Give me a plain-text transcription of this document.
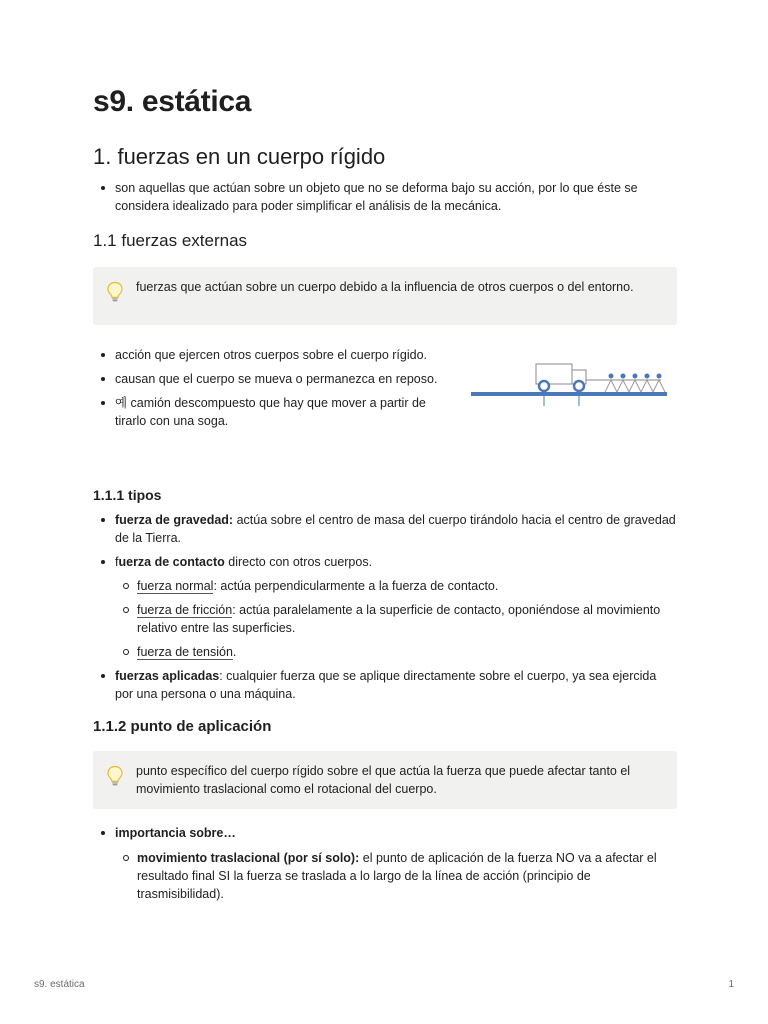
s9. estática
1. fuerzas en un cuerpo rígido
son aquellas que actúan sobre un objeto que no se deforma bajo su acción, por lo que éste se considera idealizado para poder simplificar el análisis de la mecánica.
1.1 fuerzas externas
fuerzas que actúan sobre un cuerpo debido a la influencia de otros cuerpos o del entorno.
acción que ejercen otros cuerpos sobre el cuerpo rígido.
causan que el cuerpo se mueva o permanezca en reposo.
예 camión descompuesto que hay que mover a partir de tirarlo con una soga.
1.1.1 tipos
fuerza de gravedad: actúa sobre el centro de masa del cuerpo tirándolo hacia el centro de gravedad de la Tierra.
fuerza de contacto directo con otros cuerpos.
fuerza normal: actúa perpendicularmente a la fuerza de contacto.
fuerza de fricción: actúa paralelamente a la superficie de contacto, oponiéndose al movimiento relativo entre las superficies.
fuerza de tensión.
fuerzas aplicadas: cualquier fuerza que se aplique directamente sobre el cuerpo, ya sea ejercida por una persona o una máquina.
1.1.2 punto de aplicación
punto específico del cuerpo rígido sobre el que actúa la fuerza que puede afectar tanto el movimiento traslacional como el rotacional del cuerpo.
importancia sobre…
movimiento traslacional (por sí solo): el punto de aplicación de la fuerza NO va a afectar el resultado final SI la fuerza se traslada a lo largo de la línea de acción (principio de trasmisibilidad).
s9. estática	1
